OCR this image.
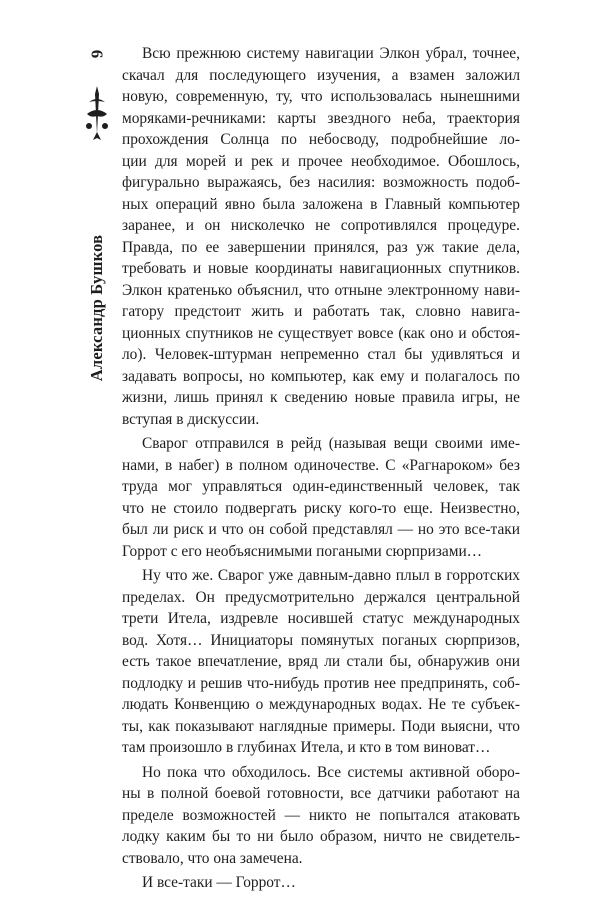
6
Александр Бушков

Всю прежнюю систему навигации Элкон убрал, точнее,
скачал для последующего изучения, а взамен заложил
новую, современную, ту, что использовалась нынешними
моряками-речниками: карты звездного неба, траектория
прохождения Солнца по небосводу, подробнейшие ло-
ции для морей и рек и прочее необходимое. Обошлось,
фигурально выражаясь, без насилия: возможность подоб-
ных операций явно была заложена в Главный компьютер
заранее, и он нисколечко не сопротивлялся процедуре.
Правда, по ее завершении принялся, раз уж такие дела,
требовать и новые координаты навигационных спутников.
Элкон кратенько объяснил, что отныне электронному нави-
гатору предстоит жить и работать так, словно навига-
ционных спутников не существует вовсе (как оно и обстоя-
ло). Человек-штурман непременно стал бы удивляться и
задавать вопросы, но компьютер, как ему и полагалось по
жизни, лишь принял к сведению новые правила игры, не
вступая в дискуссии.

Сварог отправился в рейд (называя вещи своими име-
нами, в набег) в полном одиночестве. С «Рагнароком» без
труда мог управляться один-единственный человек, так
что не стоило подвергать риску кого-то еще. Неизвестно,
был ли риск и что он собой представлял — но это все-таки
Горрот с его необъяснимыми погаными сюрпризами…

Ну что же. Сварог уже давным-давно плыл в горротских
пределах. Он предусмотрительно держался центральной
трети Итела, издревле носившей статус международных
вод. Хотя… Инициаторы помянутых поганых сюрпризов,
есть такое впечатление, вряд ли стали бы, обнаружив они
подлодку и решив что-нибудь против нее предпринять, соб-
людать Конвенцию о международных водах. Не те субъек-
ты, как показывают наглядные примеры. Поди выясни, что
там произошло в глубинах Итела, и кто в том виноват…

Но пока что обходилось. Все системы активной оборо-
ны в полной боевой готовности, все датчики работают на
пределе возможностей — никто не попытался атаковать
лодку каким бы то ни было образом, ничто не свидетель-
ствовало, что она замечена.

И все-таки — Горрот…
